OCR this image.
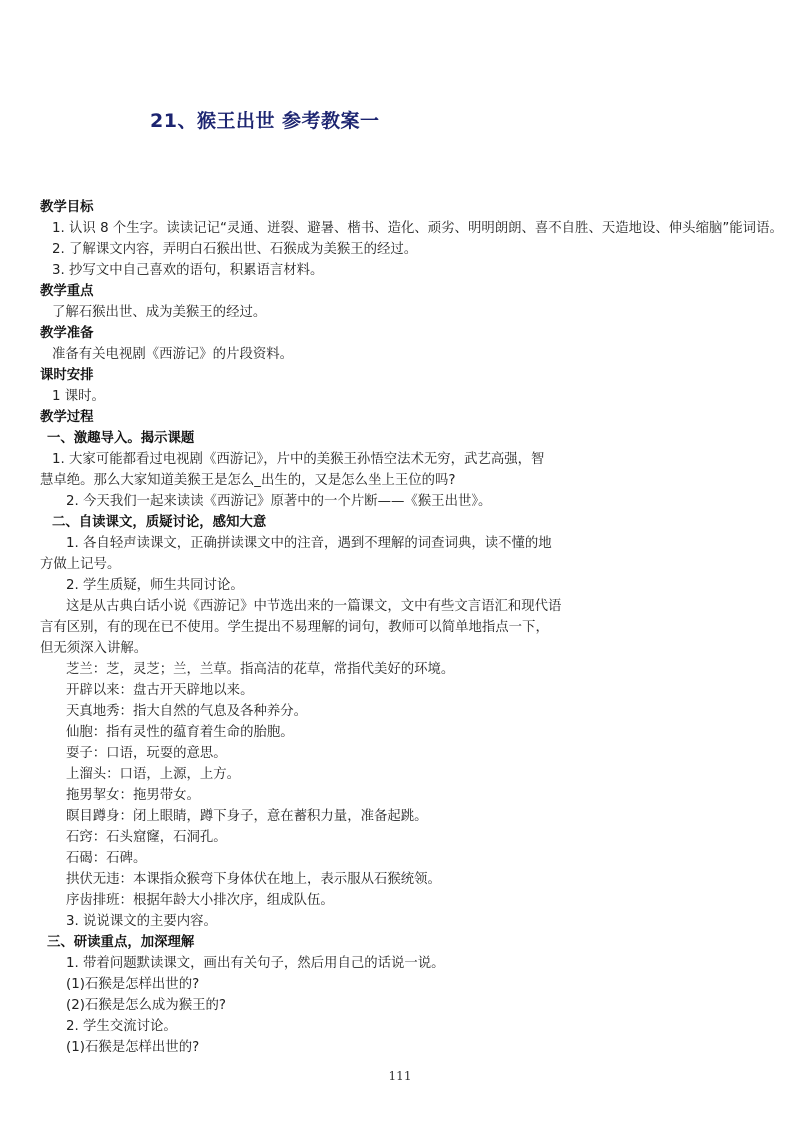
21、猴王出世 参考教案一
教学目标
1. 认识 8 个生字。读读记记“灵通、迸裂、避暑、楷书、造化、顽劣、明明朗朗、喜不自胜、天造地设、伸头缩脑”能词语。
2. 了解课文内容，弄明白石猴出世、石猴成为美猴王的经过。
3. 抄写文中自己喜欢的语句，积累语言材料。
教学重点
了解石猴出世、成为美猴王的经过。
教学准备
准备有关电视剧《西游记》的片段资料。
课时安排
1 课时。
教学过程
一、激趣导入。揭示课题
1. 大家可能都看过电视剧《西游记》，片中的美猴王孙悟空法术无穷，武艺高强，智
慧卓绝。那么大家知道美猴王是怎么_出生的，又是怎么坐上王位的吗?
2. 今天我们一起来读读《西游记》原著中的一个片断——《猴王出世》。
二、自读课文，质疑讨论，感知大意
1. 各自轻声读课文，正确拼读课文中的注音，遇到不理解的词查词典，读不懂的地
方做上记号。
2. 学生质疑，师生共同讨论。
这是从古典白话小说《西游记》中节选出来的一篇课文，文中有些文言语汇和现代语
言有区别，有的现在已不使用。学生提出不易理解的词句，教师可以简单地指点一下，
但无须深入讲解。
芝兰：芝，灵芝；兰，兰草。指高洁的花草，常指代美好的环境。
开辟以来：盘古开天辟地以来。
天真地秀：指大自然的气息及各种养分。
仙胞：指有灵性的蕴育着生命的胎胞。
耍子：口语，玩耍的意思。
上溜头：口语，上源，上方。
拖男挈女：拖男带女。
瞑目蹲身：闭上眼睛，蹲下身子，意在蓄积力量，准备起跳。
石窍：石头窟窿，石洞孔。
石碣：石碑。
拱伏无违：本课指众猴弯下身体伏在地上，表示服从石猴统领。
序齿排班：根据年龄大小排次序，组成队伍。
3. 说说课文的主要内容。
三、研读重点，加深理解
1. 带着问题默读课文，画出有关句子，然后用自己的话说一说。
(1)石猴是怎样出世的?
(2)石猴是怎么成为猴王的?
2. 学生交流讨论。
(1)石猴是怎样出世的?
111
